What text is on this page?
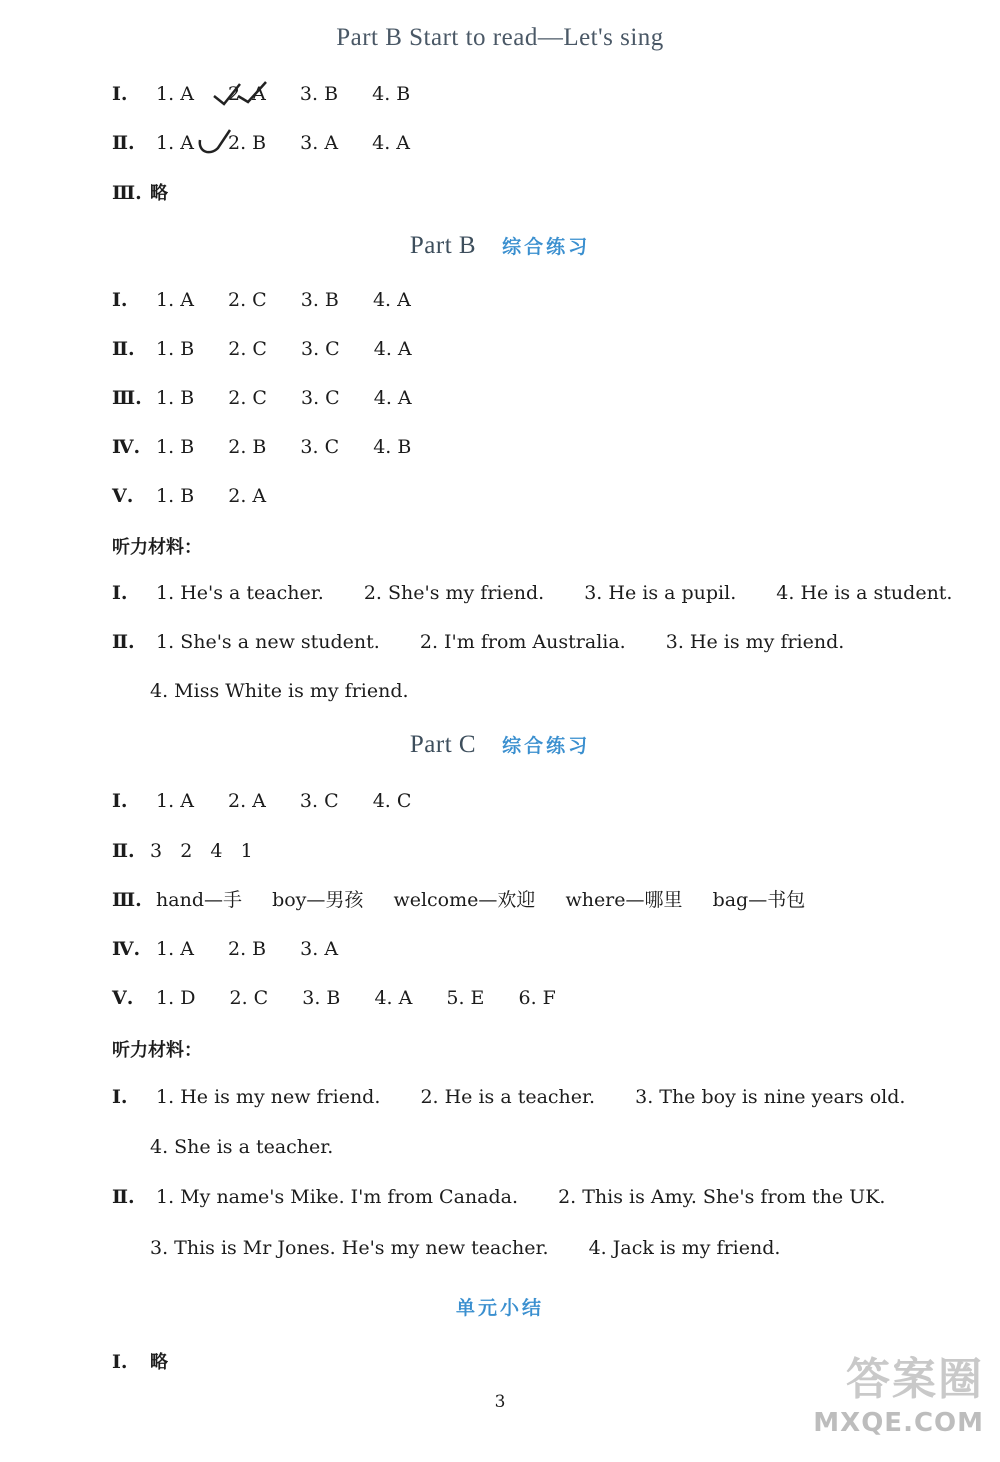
Part B Start to read—Let's sing
Ⅰ. 1. A 2. A 3. B 4. B
Ⅱ. 1. A 2. B 3. A 4. A
Ⅲ. 略
Part B 综合练习
Ⅰ. 1. A 2. C 3. B 4. A
Ⅱ. 1. B 2. C 3. C 4. A
Ⅲ. 1. B 2. C 3. C 4. A
Ⅳ. 1. B 2. B 3. C 4. B
Ⅴ. 1. B 2. A
听力材料：
Ⅰ. 1. He's a teacher. 2. She's my friend. 3. He is a pupil. 4. He is a student.
Ⅱ. 1. She's a new student. 2. I'm from Australia. 3. He is my friend.
4. Miss White is my friend.
Part C 综合练习
Ⅰ. 1. A 2. A 3. C 4. C
Ⅱ. 3   2   4   1
Ⅲ. hand—手 boy—男孩 welcome—欢迎 where—哪里 bag—书包
Ⅳ. 1. A 2. B 3. A
Ⅴ. 1. D 2. C 3. B 4. A 5. E 6. F
听力材料：
Ⅰ. 1. He is my new friend. 2. He is a teacher. 3. The boy is nine years old.
4. She is a teacher.
Ⅱ. 1. My name's Mike. I'm from Canada. 2. This is Amy. She's from the UK.
3. This is Mr Jones. He's my new teacher. 4. Jack is my friend.
单元小结
Ⅰ. 略
3	答案圈
MXQE.COM
